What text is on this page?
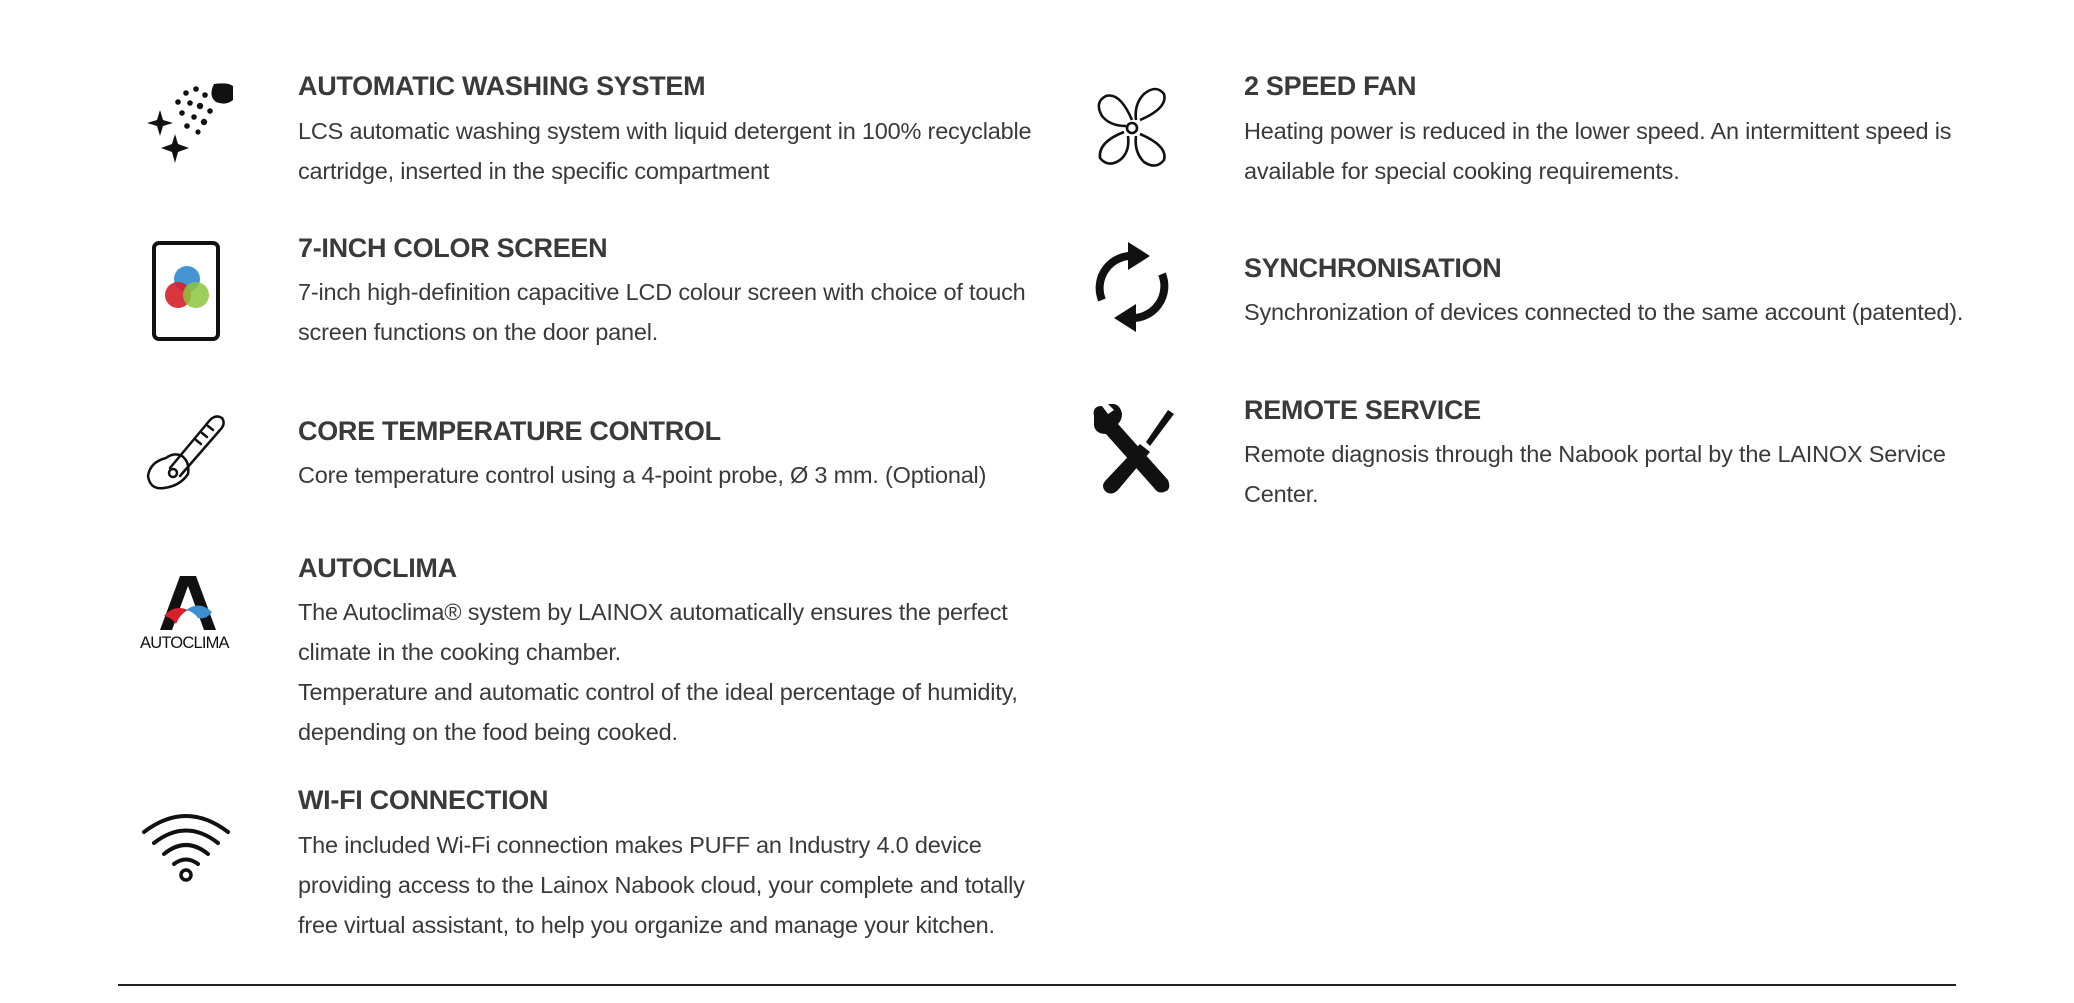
AUTOMATIC WASHING SYSTEM
LCS automatic washing system with liquid detergent in 100% recyclable
cartridge, inserted in the specific compartment
7-INCH COLOR SCREEN
7-inch high-definition capacitive LCD colour screen with choice of touch
screen functions on the door panel.
CORE TEMPERATURE CONTROL
Core temperature control using a 4-point probe, Ø 3 mm. (Optional)
AUTOCLIMA
AUTOCLIMA
The Autoclima® system by LAINOX automatically ensures the perfect
climate in the cooking chamber.
Temperature and automatic control of the ideal percentage of humidity,
depending on the food being cooked.
WI-FI CONNECTION
The included Wi-Fi connection makes PUFF an Industry 4.0 device
providing access to the Lainox Nabook cloud, your complete and totally
free virtual assistant, to help you organize and manage your kitchen.
2 SPEED FAN
Heating power is reduced in the lower speed. An intermittent speed is
available for special cooking requirements.
SYNCHRONISATION
Synchronization of devices connected to the same account (patented).
REMOTE SERVICE
Remote diagnosis through the Nabook portal by the LAINOX Service
Center.
